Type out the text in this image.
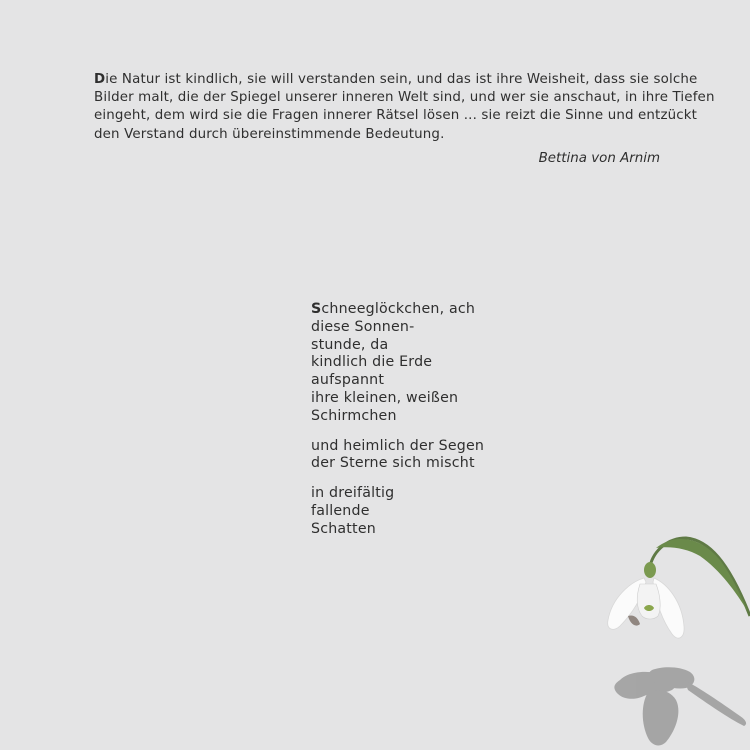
Die Natur ist kindlich, sie will verstanden sein, und das ist ihre Weisheit, dass sie solche
Bilder malt, die der Spiegel unserer inneren Welt sind, und wer sie anschaut, in ihre Tiefen
eingeht, dem wird sie die Fragen innerer Rätsel lösen ... sie reizt die Sinne und entzückt
den Verstand durch übereinstimmende Bedeutung.

Bettina von Arnim

Schneeglöckchen, ach
diese Sonnen-
stunde, da
kindlich die Erde
aufspannt
ihre kleinen, weißen
Schirmchen
und heimlich der Segen
der Sterne sich mischt
in dreifältig
fallende
Schatten
